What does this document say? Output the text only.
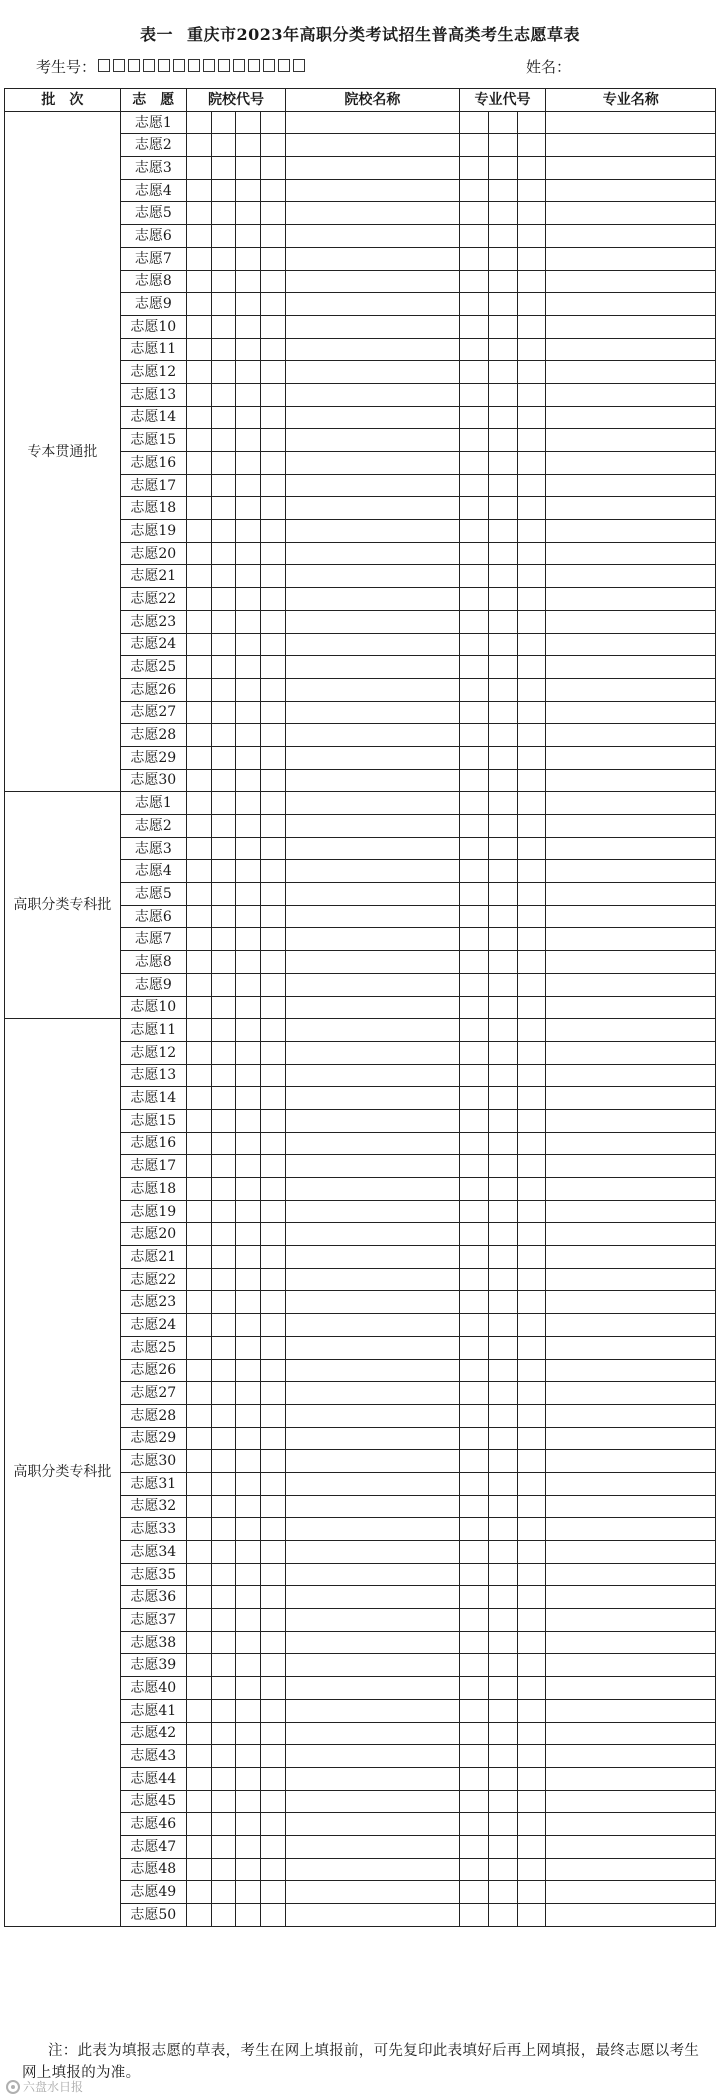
表一 重庆市2023年高职分类考试招生普高类考生志愿草表
考生号：	姓名：
批　次	志　愿	院校代号				院校名称	专业代号			专业名称
专本贯通批	志愿1									
	志愿2									
	志愿3									
	志愿4									
	志愿5									
	志愿6									
	志愿7									
	志愿8									
	志愿9									
	志愿10									
	志愿11									
	志愿12									
	志愿13									
	志愿14									
	志愿15									
	志愿16									
	志愿17									
	志愿18									
	志愿19									
	志愿20									
	志愿21									
	志愿22									
	志愿23									
	志愿24									
	志愿25									
	志愿26									
	志愿27									
	志愿28									
	志愿29									
	志愿30									
高职分类专科批	志愿1									
	志愿2									
	志愿3									
	志愿4									
	志愿5									
	志愿6									
	志愿7									
	志愿8									
	志愿9									
	志愿10									
高职分类专科批	志愿11									
	志愿12									
	志愿13									
	志愿14									
	志愿15									
	志愿16									
	志愿17									
	志愿18									
	志愿19									
	志愿20									
	志愿21									
	志愿22									
	志愿23									
	志愿24									
	志愿25									
	志愿26									
	志愿27									
	志愿28									
	志愿29									
	志愿30									
	志愿31									
	志愿32									
	志愿33									
	志愿34									
	志愿35									
	志愿36									
	志愿37									
	志愿38									
	志愿39									
	志愿40									
	志愿41									
	志愿42									
	志愿43									
	志愿44									
	志愿45									
	志愿46									
	志愿47									
	志愿48									
	志愿49									
	志愿50									
注：此表为填报志愿的草表，考生在网上填报前，可先复印此表填好后再上网填报，最终志愿以考生网上填报的为准。
六盘水日报
